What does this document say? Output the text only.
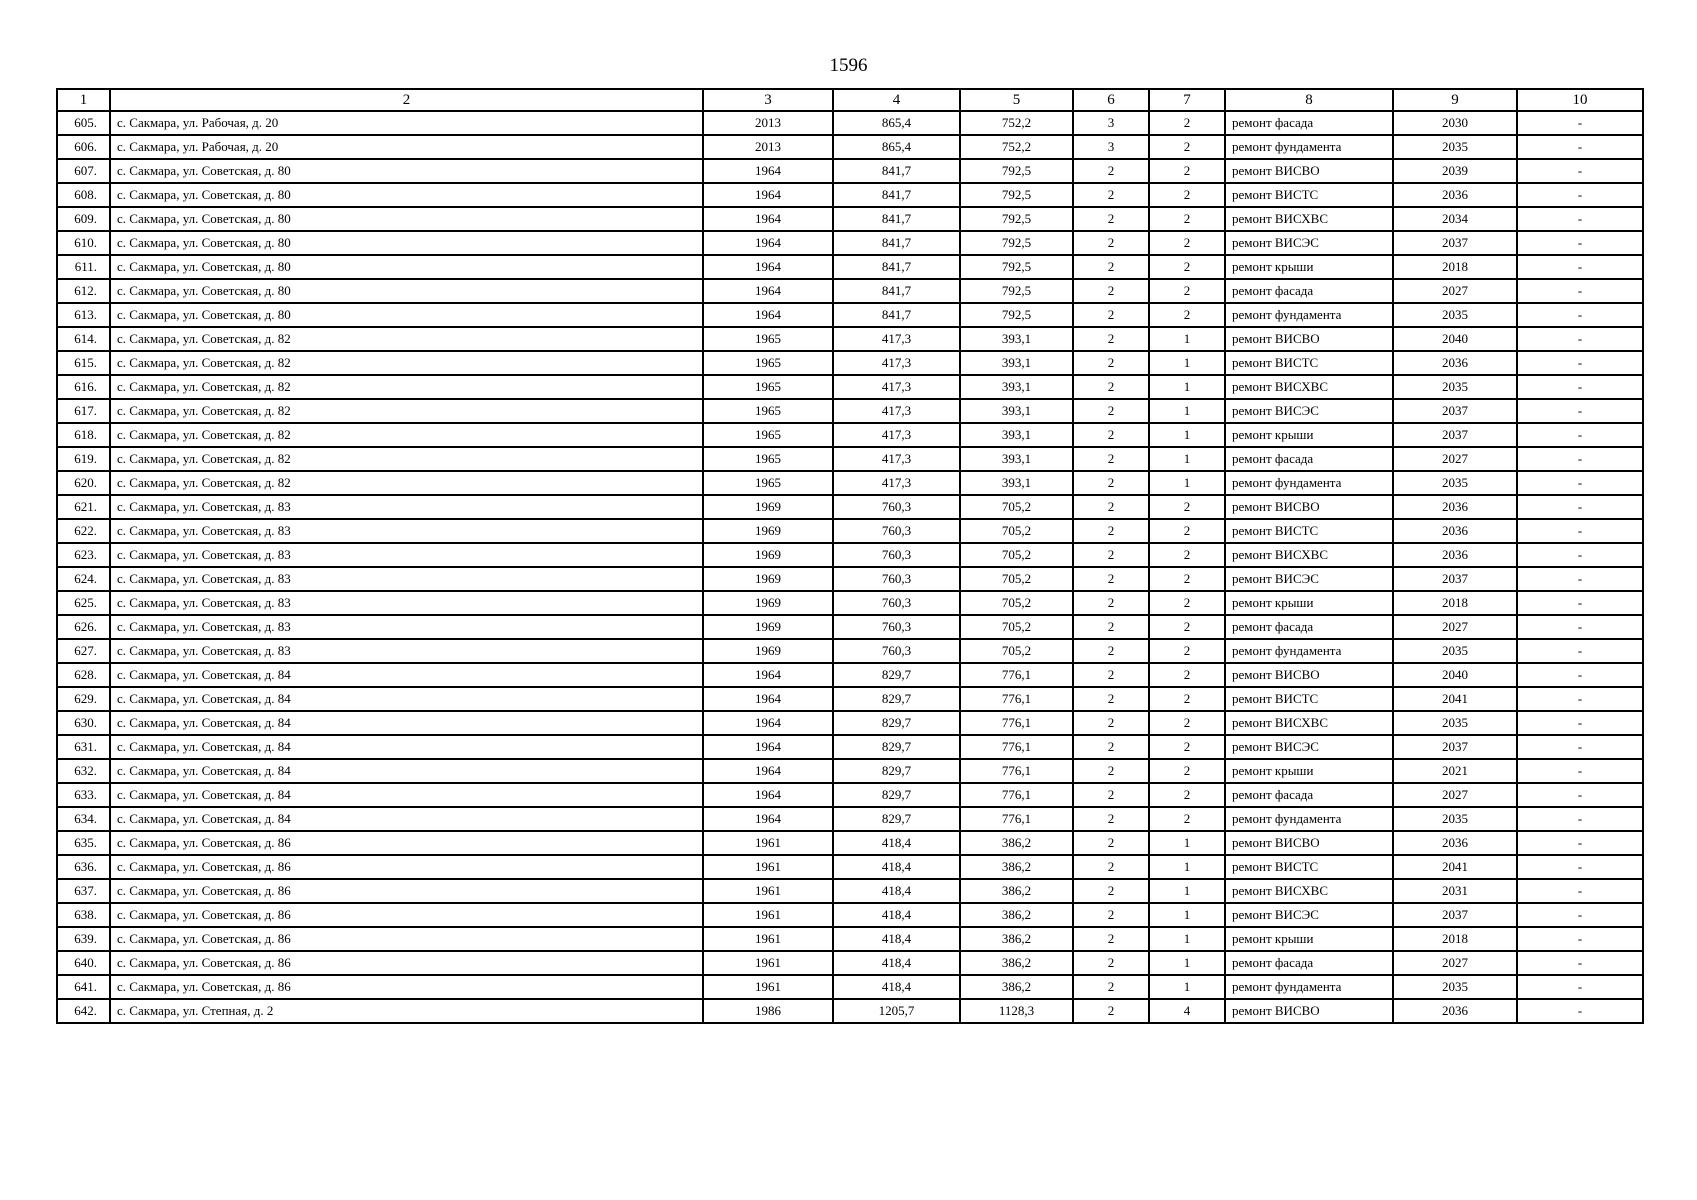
1596
1	2	3	4	5	6	7	8	9	10
605.	с. Сакмара, ул. Рабочая, д. 20	2013	865,4	752,2	3	2	ремонт фасада	2030	-
606.	с. Сакмара, ул. Рабочая, д. 20	2013	865,4	752,2	3	2	ремонт фундамента	2035	-
607.	с. Сакмара, ул. Советская, д. 80	1964	841,7	792,5	2	2	ремонт ВИСВО	2039	-
608.	с. Сакмара, ул. Советская, д. 80	1964	841,7	792,5	2	2	ремонт ВИСТС	2036	-
609.	с. Сакмара, ул. Советская, д. 80	1964	841,7	792,5	2	2	ремонт ВИСХВС	2034	-
610.	с. Сакмара, ул. Советская, д. 80	1964	841,7	792,5	2	2	ремонт ВИСЭС	2037	-
611.	с. Сакмара, ул. Советская, д. 80	1964	841,7	792,5	2	2	ремонт крыши	2018	-
612.	с. Сакмара, ул. Советская, д. 80	1964	841,7	792,5	2	2	ремонт фасада	2027	-
613.	с. Сакмара, ул. Советская, д. 80	1964	841,7	792,5	2	2	ремонт фундамента	2035	-
614.	с. Сакмара, ул. Советская, д. 82	1965	417,3	393,1	2	1	ремонт ВИСВО	2040	-
615.	с. Сакмара, ул. Советская, д. 82	1965	417,3	393,1	2	1	ремонт ВИСТС	2036	-
616.	с. Сакмара, ул. Советская, д. 82	1965	417,3	393,1	2	1	ремонт ВИСХВС	2035	-
617.	с. Сакмара, ул. Советская, д. 82	1965	417,3	393,1	2	1	ремонт ВИСЭС	2037	-
618.	с. Сакмара, ул. Советская, д. 82	1965	417,3	393,1	2	1	ремонт крыши	2037	-
619.	с. Сакмара, ул. Советская, д. 82	1965	417,3	393,1	2	1	ремонт фасада	2027	-
620.	с. Сакмара, ул. Советская, д. 82	1965	417,3	393,1	2	1	ремонт фундамента	2035	-
621.	с. Сакмара, ул. Советская, д. 83	1969	760,3	705,2	2	2	ремонт ВИСВО	2036	-
622.	с. Сакмара, ул. Советская, д. 83	1969	760,3	705,2	2	2	ремонт ВИСТС	2036	-
623.	с. Сакмара, ул. Советская, д. 83	1969	760,3	705,2	2	2	ремонт ВИСХВС	2036	-
624.	с. Сакмара, ул. Советская, д. 83	1969	760,3	705,2	2	2	ремонт ВИСЭС	2037	-
625.	с. Сакмара, ул. Советская, д. 83	1969	760,3	705,2	2	2	ремонт крыши	2018	-
626.	с. Сакмара, ул. Советская, д. 83	1969	760,3	705,2	2	2	ремонт фасада	2027	-
627.	с. Сакмара, ул. Советская, д. 83	1969	760,3	705,2	2	2	ремонт фундамента	2035	-
628.	с. Сакмара, ул. Советская, д. 84	1964	829,7	776,1	2	2	ремонт ВИСВО	2040	-
629.	с. Сакмара, ул. Советская, д. 84	1964	829,7	776,1	2	2	ремонт ВИСТС	2041	-
630.	с. Сакмара, ул. Советская, д. 84	1964	829,7	776,1	2	2	ремонт ВИСХВС	2035	-
631.	с. Сакмара, ул. Советская, д. 84	1964	829,7	776,1	2	2	ремонт ВИСЭС	2037	-
632.	с. Сакмара, ул. Советская, д. 84	1964	829,7	776,1	2	2	ремонт крыши	2021	-
633.	с. Сакмара, ул. Советская, д. 84	1964	829,7	776,1	2	2	ремонт фасада	2027	-
634.	с. Сакмара, ул. Советская, д. 84	1964	829,7	776,1	2	2	ремонт фундамента	2035	-
635.	с. Сакмара, ул. Советская, д. 86	1961	418,4	386,2	2	1	ремонт ВИСВО	2036	-
636.	с. Сакмара, ул. Советская, д. 86	1961	418,4	386,2	2	1	ремонт ВИСТС	2041	-
637.	с. Сакмара, ул. Советская, д. 86	1961	418,4	386,2	2	1	ремонт ВИСХВС	2031	-
638.	с. Сакмара, ул. Советская, д. 86	1961	418,4	386,2	2	1	ремонт ВИСЭС	2037	-
639.	с. Сакмара, ул. Советская, д. 86	1961	418,4	386,2	2	1	ремонт крыши	2018	-
640.	с. Сакмара, ул. Советская, д. 86	1961	418,4	386,2	2	1	ремонт фасада	2027	-
641.	с. Сакмара, ул. Советская, д. 86	1961	418,4	386,2	2	1	ремонт фундамента	2035	-
642.	с. Сакмара, ул. Степная, д. 2	1986	1205,7	1128,3	2	4	ремонт ВИСВО	2036	-
